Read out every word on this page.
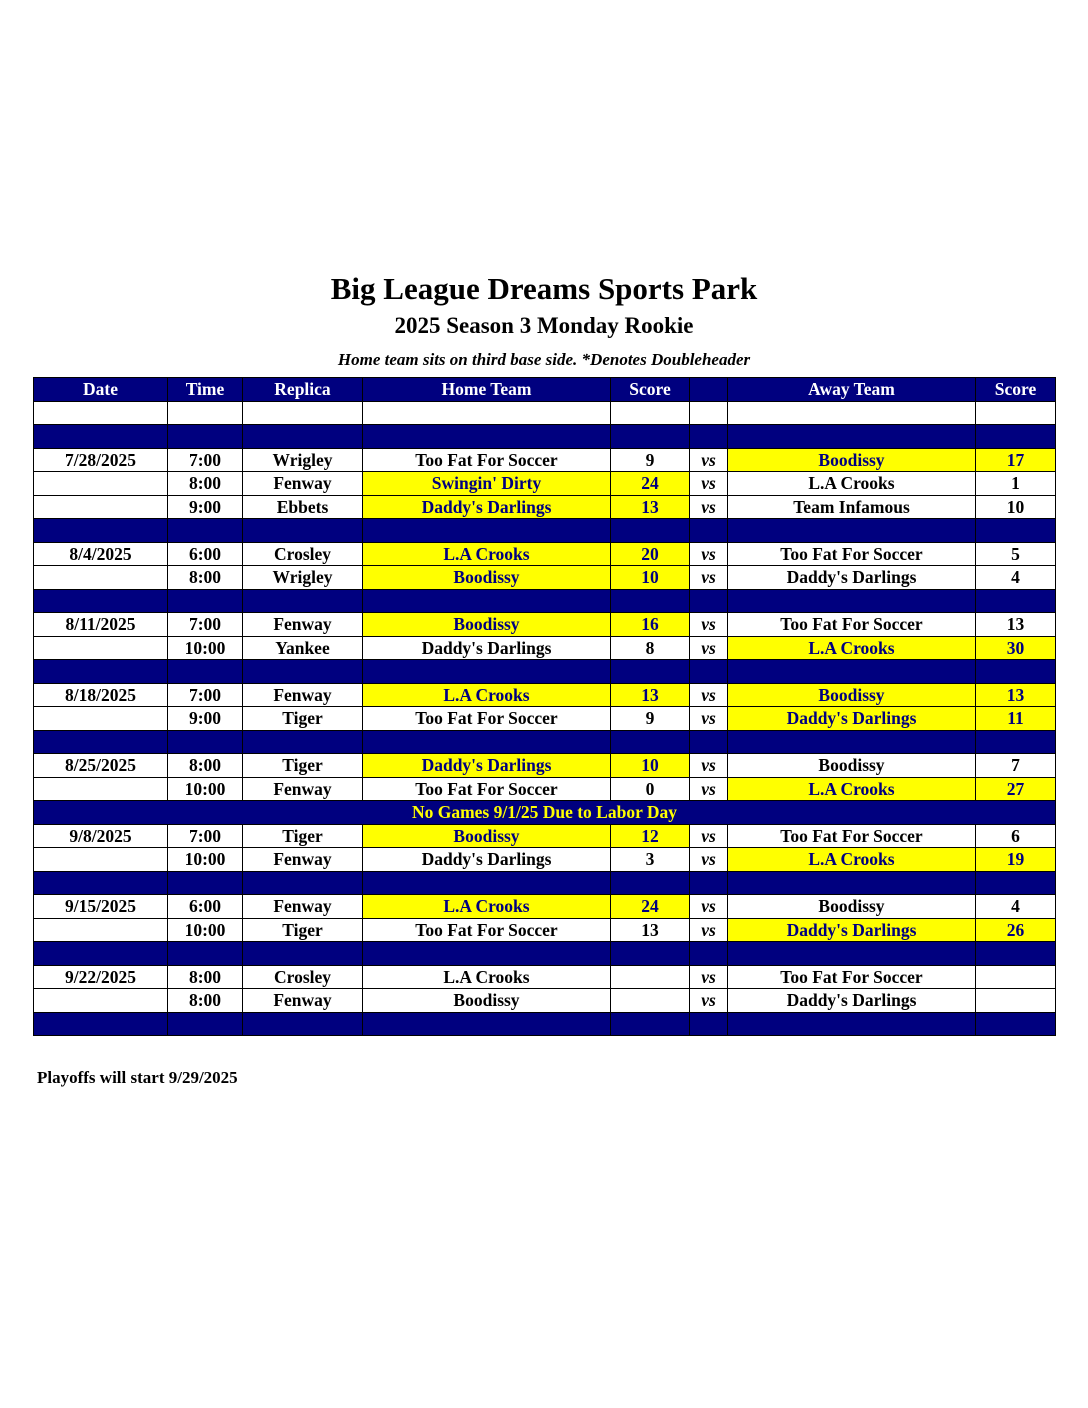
Big League Dreams Sports Park
2025 Season 3 Monday Rookie
Home team sits on third base side. *Denotes Doubleheader
Date	Time	Replica	Home Team	Score		Away Team	Score

7/28/2025	7:00	Wrigley	Too Fat For Soccer	9	vs	Boodissy	17
	8:00	Fenway	Swingin' Dirty	24	vs	L.A Crooks	1
	9:00	Ebbets	Daddy's Darlings	13	vs	Team Infamous	10

8/4/2025	6:00	Crosley	L.A Crooks	20	vs	Too Fat For Soccer	5
	8:00	Wrigley	Boodissy	10	vs	Daddy's Darlings	4

8/11/2025	7:00	Fenway	Boodissy	16	vs	Too Fat For Soccer	13
	10:00	Yankee	Daddy's Darlings	8	vs	L.A Crooks	30

8/18/2025	7:00	Fenway	L.A Crooks	13	vs	Boodissy	13
	9:00	Tiger	Too Fat For Soccer	9	vs	Daddy's Darlings	11

8/25/2025	8:00	Tiger	Daddy's Darlings	10	vs	Boodissy	7
	10:00	Fenway	Too Fat For Soccer	0	vs	L.A Crooks	27
No Games 9/1/25 Due to Labor Day							
9/8/2025	7:00	Tiger	Boodissy	12	vs	Too Fat For Soccer	6
	10:00	Fenway	Daddy's Darlings	3	vs	L.A Crooks	19

9/15/2025	6:00	Fenway	L.A Crooks	24	vs	Boodissy	4
	10:00	Tiger	Too Fat For Soccer	13	vs	Daddy's Darlings	26

9/22/2025	8:00	Crosley	L.A Crooks		vs	Too Fat For Soccer	
	8:00	Fenway	Boodissy		vs	Daddy's Darlings	

Playoffs will start 9/29/2025
